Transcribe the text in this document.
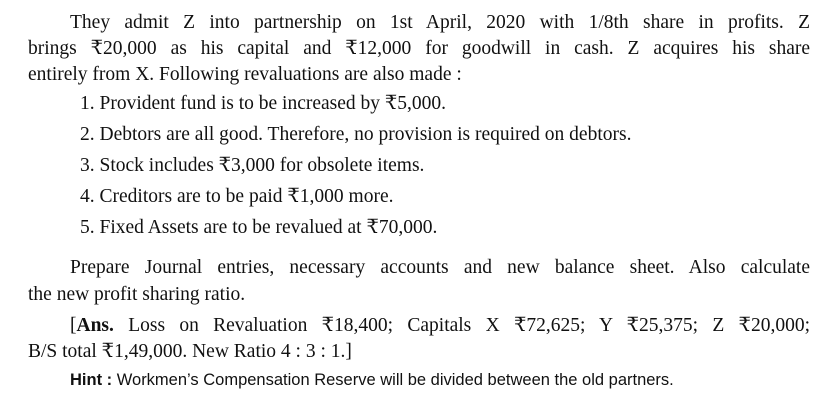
They admit Z into partnership on 1st April, 2020 with 1/8th share in profits. Z
brings ₹20,000 as his capital and ₹12,000 for goodwill in cash. Z acquires his share
entirely from X. Following revaluations are also made :
1. Provident fund is to be increased by ₹5,000.
2. Debtors are all good. Therefore, no provision is required on debtors.
3. Stock includes ₹3,000 for obsolete items.
4. Creditors are to be paid ₹1,000 more.
5. Fixed Assets are to be revalued at ₹70,000.
Prepare Journal entries, necessary accounts and new balance sheet. Also calculate
the new profit sharing ratio.
[Ans. Loss on Revaluation ₹18,400; Capitals X ₹72,625; Y ₹25,375; Z ₹20,000;
B/S total ₹1,49,000. New Ratio 4 : 3 : 1.]
Hint : Workmen’s Compensation Reserve will be divided between the old partners.
